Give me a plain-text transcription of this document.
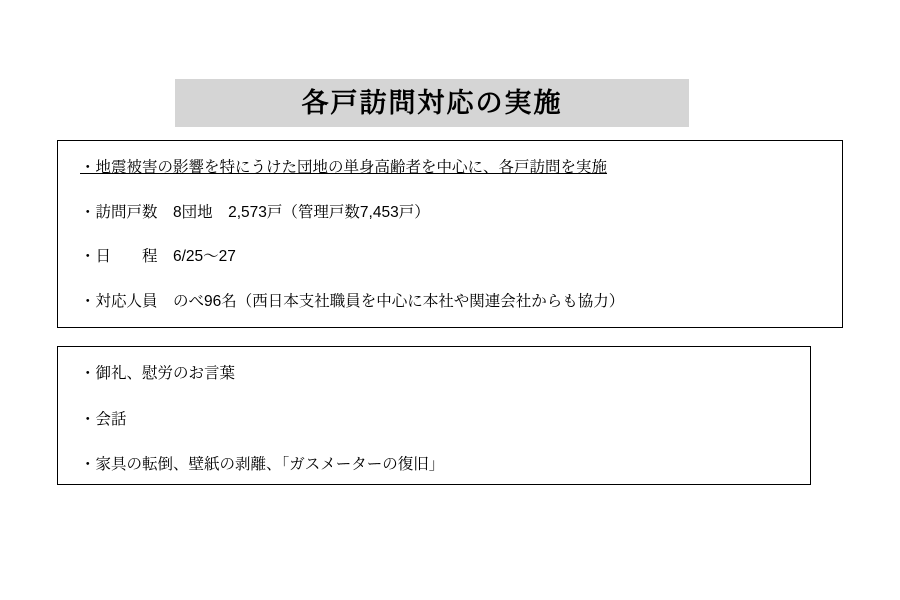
各戸訪問対応の実施
・地震被害の影響を特にうけた団地の単身高齢者を中心に、各戸訪問を実施
・訪問戸数　8団地　2,573戸（管理戸数7,453戸）
・日　　程　6/25〜27
・対応人員　のべ96名（西日本支社職員を中心に本社や関連会社からも協力）
・御礼、慰労のお言葉
・会話
・家具の転倒、壁紙の剥離、「ガスメーターの復旧」
